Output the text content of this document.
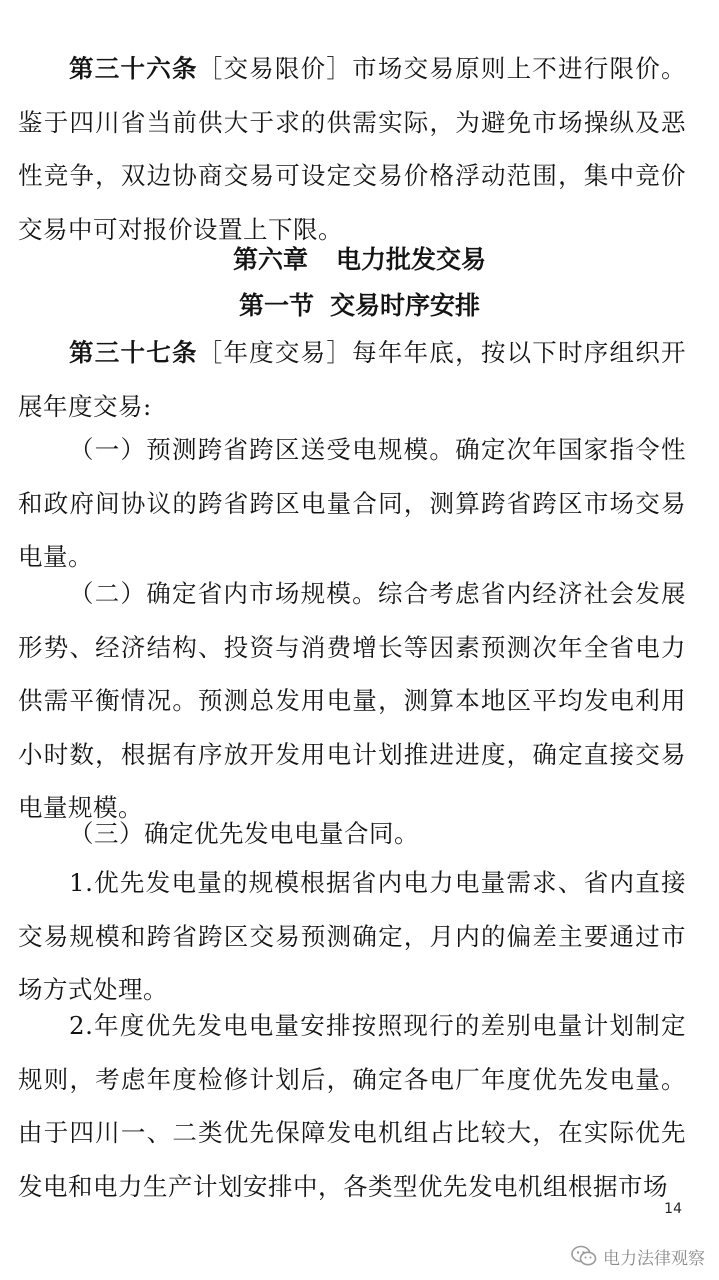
第三十六条［交易限价］市场交易原则上不进行限价。鉴于四川省当前供大于求的供需实际，为避免市场操纵及恶性竞争，双边协商交易可设定交易价格浮动范围，集中竞价交易中可对报价设置上下限。

第六章 电力批发交易
第一节 交易时序安排

第三十七条［年度交易］每年年底，按以下时序组织开展年度交易:

（一）预测跨省跨区送受电规模。确定次年国家指令性和政府间协议的跨省跨区电量合同，测算跨省跨区市场交易电量。

（二）确定省内市场规模。综合考虑省内经济社会发展形势、经济结构、投资与消费增长等因素预测次年全省电力供需平衡情况。预测总发用电量，测算本地区平均发电利用小时数，根据有序放开发用电计划推进进度，确定直接交易电量规模。

（三）确定优先发电电量合同。

1.优先发电量的规模根据省内电力电量需求、省内直接交易规模和跨省跨区交易预测确定，月内的偏差主要通过市场方式处理。

2.年度优先发电电量安排按照现行的差别电量计划制定规则，考虑年度检修计划后，确定各电厂年度优先发电量。由于四川一、二类优先保障发电机组占比较大，在实际优先发电和电力生产计划安排中，各类型优先发电机组根据市场

14
电力法律观察
